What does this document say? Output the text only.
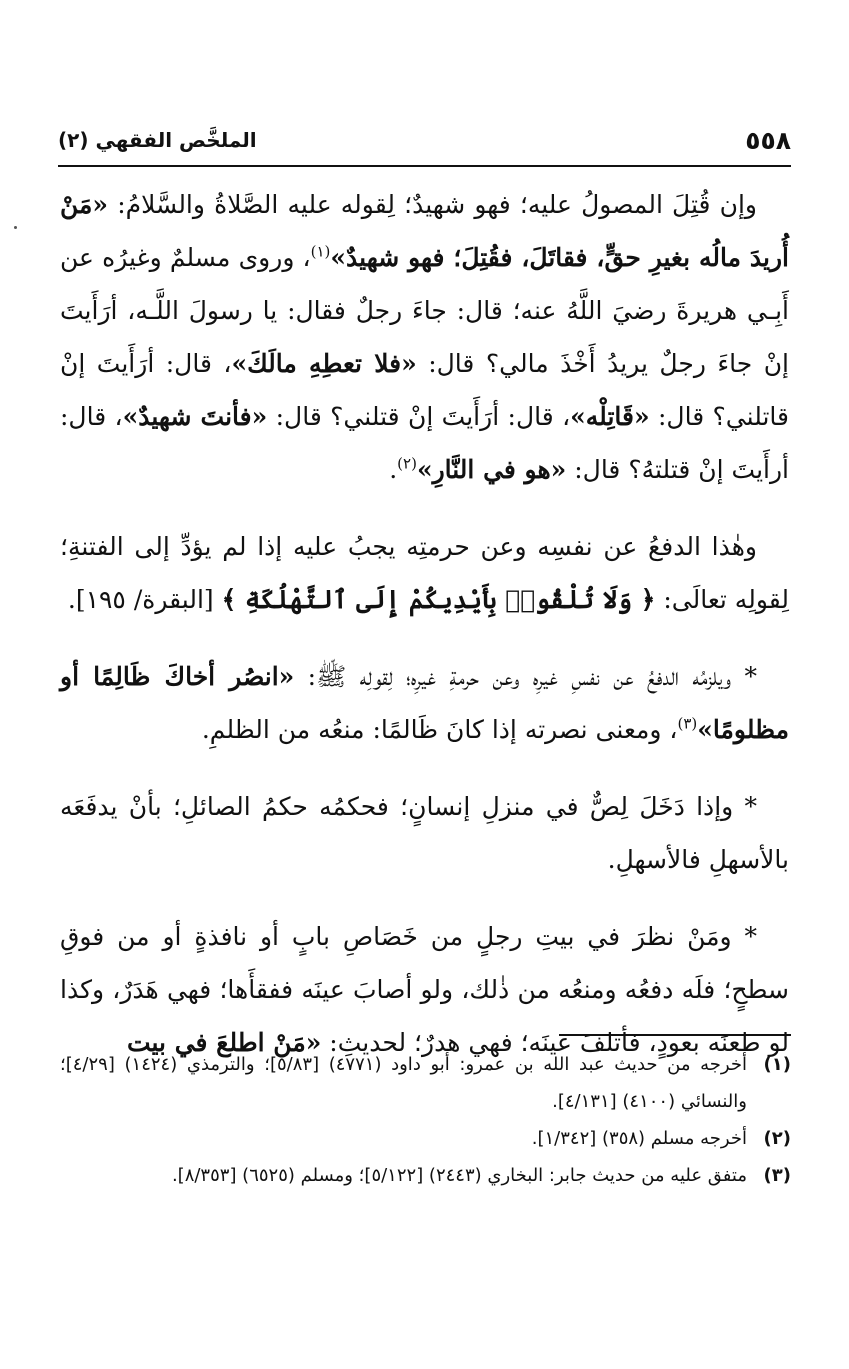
٥٥٨
الملخَّص الفقهي (٢)

وإن قُتِلَ المصولُ عليه؛ فهو شهيدٌ؛ لِقوله عليه الصَّلاةُ والسَّلامُ: «مَنْ أُريدَ مالُه بغيرِ حقٍّ، فقاتَلَ، فقُتِلَ؛ فهو شهيدٌ»$^{(١)}$، وروى مسلمٌ وغيرُه عن أَبِـي هريرةَ رضيَ اللَّهُ عنه؛ قال: جاءَ رجلٌ فقال: يا رسولَ اللَّـه، أرَأَيتَ إنْ جاءَ رجلٌ يريدُ أَخْذَ مالي؟ قال: «فلا تعطِهِ مالَكَ»، قال: أرَأَيتَ إنْ قاتلني؟ قال: «قَاتِلْه»، قال: أرَأَيتَ إنْ قتلني؟ قال: «فأنتَ شهيدٌ»، قال: أرأَيتَ إنْ قتلتهُ؟ قال: «هو في النَّارِ»$^{(٢)}$.

وهٰذا الدفعُ عن نفسِه وعن حرمتِه يجبُ عليه إذا لم يؤدِّ إلى الفتنةِ؛ لِقولِه تعالَى: ﴿ وَلَا تُلْقُوا۟ بِأَيْدِيكُمْ إِلَى ٱلتَّهْلُكَةِ ﴾ [البقرة/ ١٩٥].

* ويلزمُه الدفعُ عن نفسِ غيرِه وعن حرمةِ غيرِه؛ لِقولِه ﷺ: «انصُر أخاكَ ظَالِمًا أو مظلومًا»$^{(٣)}$، ومعنى نصرته إذا كانَ ظَالمًا: منعُه من الظلمِ.

* وإذا دَخَلَ لِصٌّ في منزلِ إنسانٍ؛ فحكمُه حكمُ الصائلِ؛ بأنْ يدفَعَه بالأسهلِ فالأسهلِ.

* ومَنْ نظرَ في بيتِ رجلٍ من خَصَاصِ بابٍ أو نافذةٍ أو من فوقِ سطحٍ؛ فلَه دفعُه ومنعُه من ذٰلك، ولو أصابَ عينَه ففقأَها؛ فهي هَدَرٌ، وكذا لو طعنَه بعودٍ، فأتلفَ عينَه؛ فهي هدرٌ؛ لحديثِ: «مَنْ اطلعَ في بيت

(١)
أخرجه من حديث عبد الله بن عمرو: أبو داود (٤٧٧١) [٥/٨٣]؛ والترمذي (١٤٢٤) [٤/٢٩]؛ والنسائي (٤١٠٠) [٤/١٣١].
(٢)
أخرجه مسلم (٣٥٨) [١/٣٤٢].
(٣)
متفق عليه من حديث جابر: البخاري (٢٤٤٣) [٥/١٢٢]؛ ومسلم (٦٥٢٥) [٨/٣٥٣].
